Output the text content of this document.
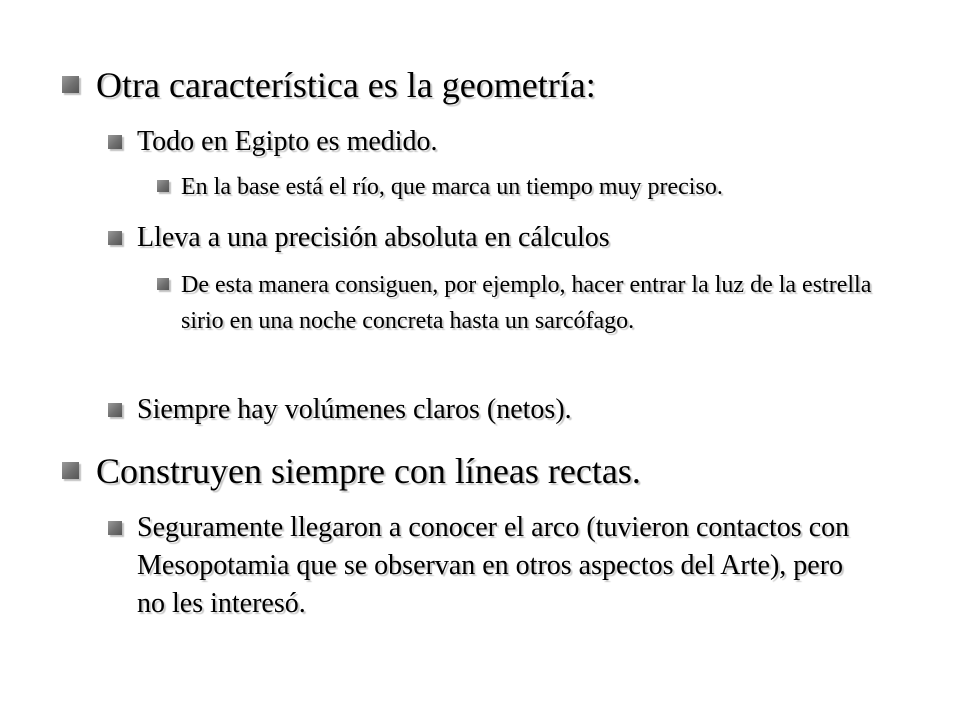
Otra característica es la geometría:
Todo en Egipto es medido.
En la base está el río, que marca un tiempo muy preciso.
Lleva a una precisión absoluta en cálculos
De esta manera consiguen, por ejemplo, hacer entrar la luz de la estrella sirio en una noche concreta hasta un sarcófago.
Siempre hay volúmenes claros (netos).
Construyen siempre con líneas rectas.
Seguramente llegaron a conocer el arco (tuvieron contactos con Mesopotamia que se observan en otros aspectos del Arte), pero no les interesó.
